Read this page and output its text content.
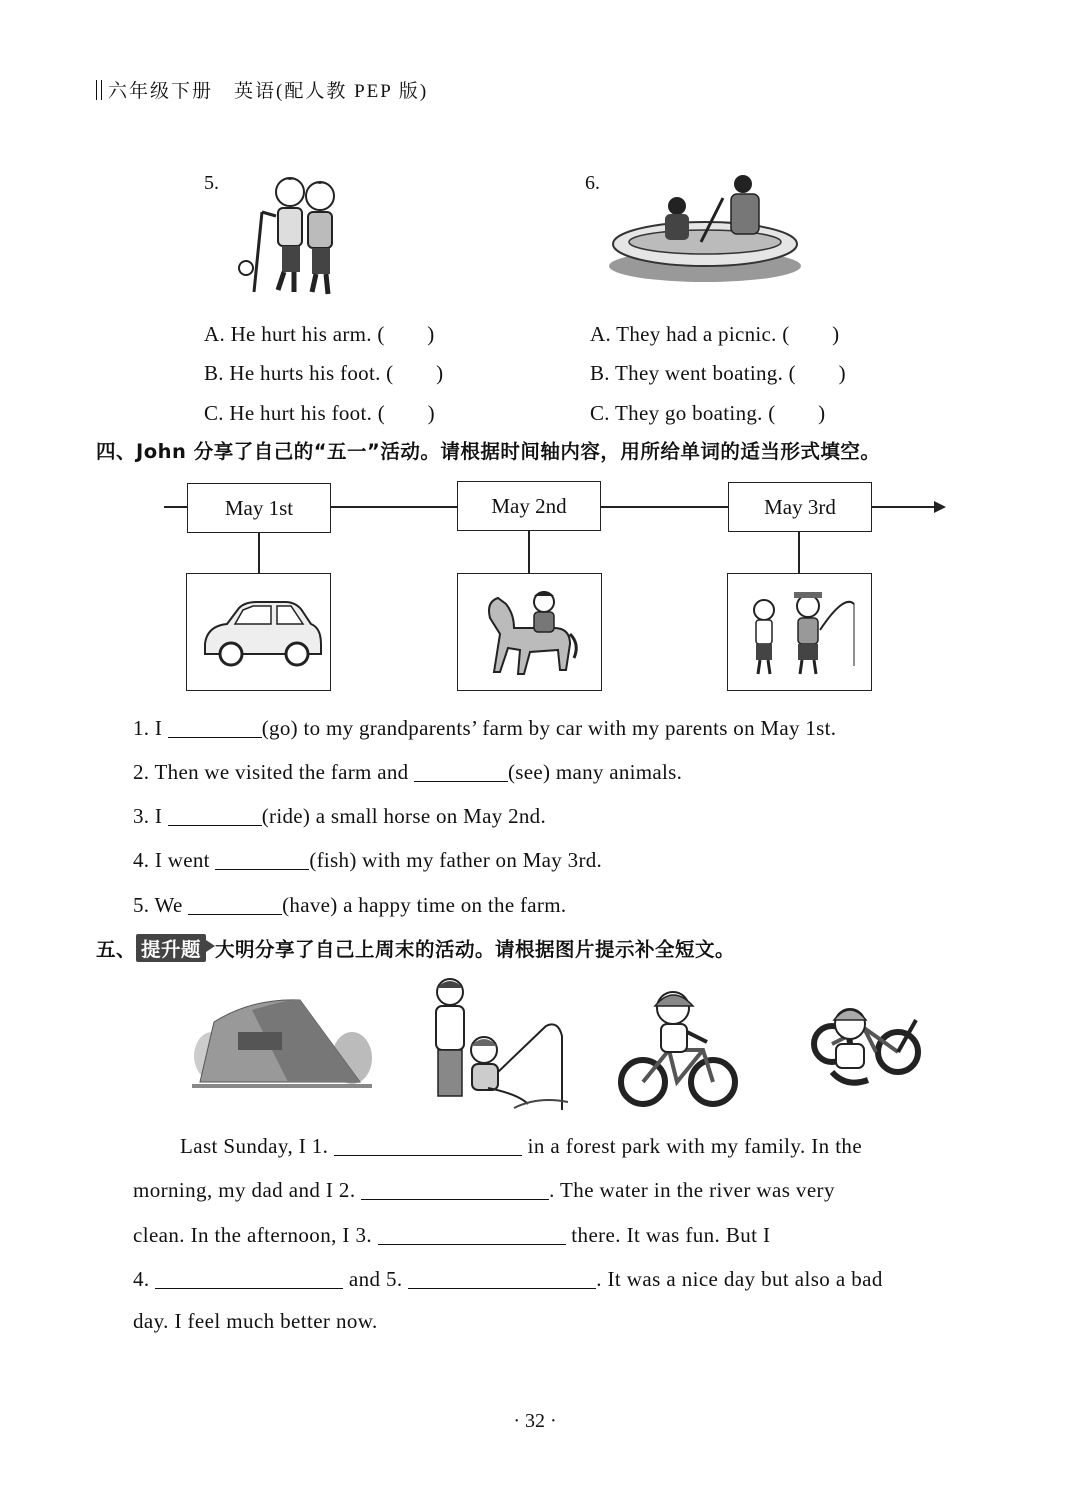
六年级下册　英语(配人教 PEP 版)
5.
A. He hurt his arm. (　　)
B. He hurts his foot. (　　)
C. He hurt his foot. (　　)
6.
A. They had a picnic. (　　)
B. They went boating. (　　)
C. They go boating. (　　)
四、John 分享了自己的“五一”活动。请根据时间轴内容，用所给单词的适当形式填空。
May 1st	May 2nd	May 3rd
1. I	(go) to my grandparents’ farm by car with my parents on May 1st.
2. Then we visited the farm and	(see) many animals.
3. I	(ride) a small horse on May 2nd.
4. I went	(fish) with my father on May 3rd.
5. We	(have) a happy time on the farm.
五、 提升题 大明分享了自己上周末的活动。请根据图片提示补全短文。
Last Sunday, I 1.	in a forest park with my family. In the
morning, my dad and I 2.	. The water in the river was very
clean. In the afternoon, I 3.	there. It was fun. But I
4.	and 5.	. It was a nice day but also a bad
day. I feel much better now.
· 32 ·
